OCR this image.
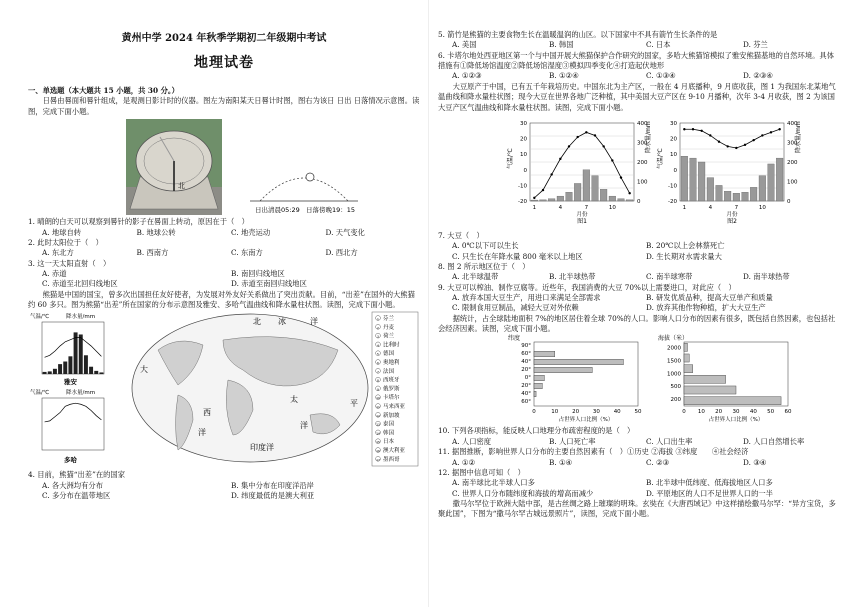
黄州中学 2024 年秋季学期初二年级期中考试
地理试卷
一、单选题（本大题共 15 小题，共 30 分。）
日晷由晷面和晷针组成，是观测日影计时的仪器。图左为南阳某天日晷计时图，图右为该日 日出 日落情况示意图。读图，完成下面小题。
北
日出清晨05:29 日落傍晚19：15
1. 晴朗的白天可以观察到晷针的影子在晷面上转动，原因在于（　）
A. 地球自转	B. 地球公转	C. 地壳运动	D. 天气变化
2. 此时太阳位于（　）
A. 东北方	B. 西南方	C. 东南方	D. 西北方
3. 这一天太阳直射（　）
A. 赤道	B. 南回归线地区
C. 赤道至北回归线地区	D. 赤道至南回归线地区
熊猫是中国的国宝，曾多次出国担任友好使者，为发展对外友好关系做出了突出贡献。目前，“出差”在国外的大熊猫约 60 多只。图为熊猫“出差”所在国家的分布示意图及雅安、多哈气温曲线和降水量柱状图。读图，完成下面小题。
气温/℃	降水量/mm
雅安
气温/℃	降水量/mm
多哈
北 冰	洋
大
西
洋
太	平
洋
印度洋
1 芬兰
2 丹麦
3 荷兰
4 比利时
5 德国
6 奥地利
7 法国
8 西班牙
9 俄罗斯
10 卡塔尔
11 马来西亚
12 新加坡
13 泰国
14 韩国
15 日本
16 澳大利亚
17 墨西哥
4. 目前，熊猫“出差”在的国家
A. 各大洲均有分布	B. 集中分布在印度洋沿岸
C. 多分布在温带地区	D. 纬度最低的是澳大利亚
5. 箭竹是熊猫的主要食物生长在温暖温润的山区。以下国家中不具有箭竹生长条件的是
A. 美国	B. 韩国	C. 日本	D. 芬兰
6. 卡塔尔地处西亚地区第一个与中国开展大熊猫保护合作研究的国家，多哈大熊猫馆模拟了雅安熊猫基地的自然环境。具体措施有①降低场馆温度②降低场馆湿度③模拟四季变化④打造起伏地形
A. ①②③	B. ①②④	C. ①③④	D. ②③④
大豆原产于中国，已有五千年栽培历史。中国东北为主产区，一般在 4 月底播种，9 月底收获，图 1 为我国东北某地气温曲线和降水量柱状图；现今大豆在世界各地广泛种植，其中美国大豆产区在 9-10 月播种，次年 3-4 月收获，图 2 为该国大豆产区气温曲线和降水量柱状图。读图，完成下面小题。
气温/℃
降水量/mm
30
20
10
0
-10
-20
400
300
200
100
0
1	4	7	10
月份
图1
气温/℃
降水量/mm
30
20
10
0
-10
-20
400
300
200
100
0
1	4	7	10
月份
图2
7. 大豆（　）
A. 0℃以下可以生长	B. 20℃以上会林蔡死亡
C. 只生长在年降水量 800 毫米以上地区	D. 生长期对水需求量大
8. 图 2 所示地区位于（　）
A. 北半球温带	B. 北半球热带	C. 南半球寒带	D. 南半球热带
9. 大豆可以榨油、制作豆腐等。近些年，我国消费的大豆 70%以上需要进口，对此应（　）
A. 放弃本国大豆生产，用进口来满足全部需求	B. 研发优质品种，提高大豆单产和质量
C. 限制食用豆制品，减轻大豆对外依赖	D. 放弃其他作物种植，扩大大豆生产
据统计，占全球陆地面积 7%的地区居住着全球 70%的人口。影响人口分布的因素有很多，既包括自然因素，也包括社会经济因素。读图，完成下面小题。
纬度
90°
60°
40°
20°
0°
20°
40°
60°
0	10	20	30	40	50
占世界人口比例（%）
海拔（米）
2000
1500
1000
500
200
0 10 20 30 40 50 60
占世界人口比例（%）
10. 下列各项指标，能反映人口地理分布疏密程度的是（　）
A. 人口密度	B. 人口死亡率	C. 人口出生率	D. 人口自然增长率
11. 据图推断，影响世界人口分布的主要自然因素有（　）①历史 ②海拔 ③纬度　　④社会经济
A. ①②	B. ①④	C. ②③	D. ③④
12. 据图中信息可知（　）
A. 南半球比北半球人口多	B. 北半球中低纬度、低海拔地区人口多
C. 世界人口分布随纬度和海拔的增高而减少	D. 平原地区的人口不足世界人口的一半
撒马尔罕位于欧洲大陆中部，是古丝绸之路上璀璨的明珠。玄奘在《大唐西域记》中这样描绘撒马尔罕：“异方宝货，多聚此国”，下图为“撒马尔罕古城远景照片”，读图，完成下面小题。
